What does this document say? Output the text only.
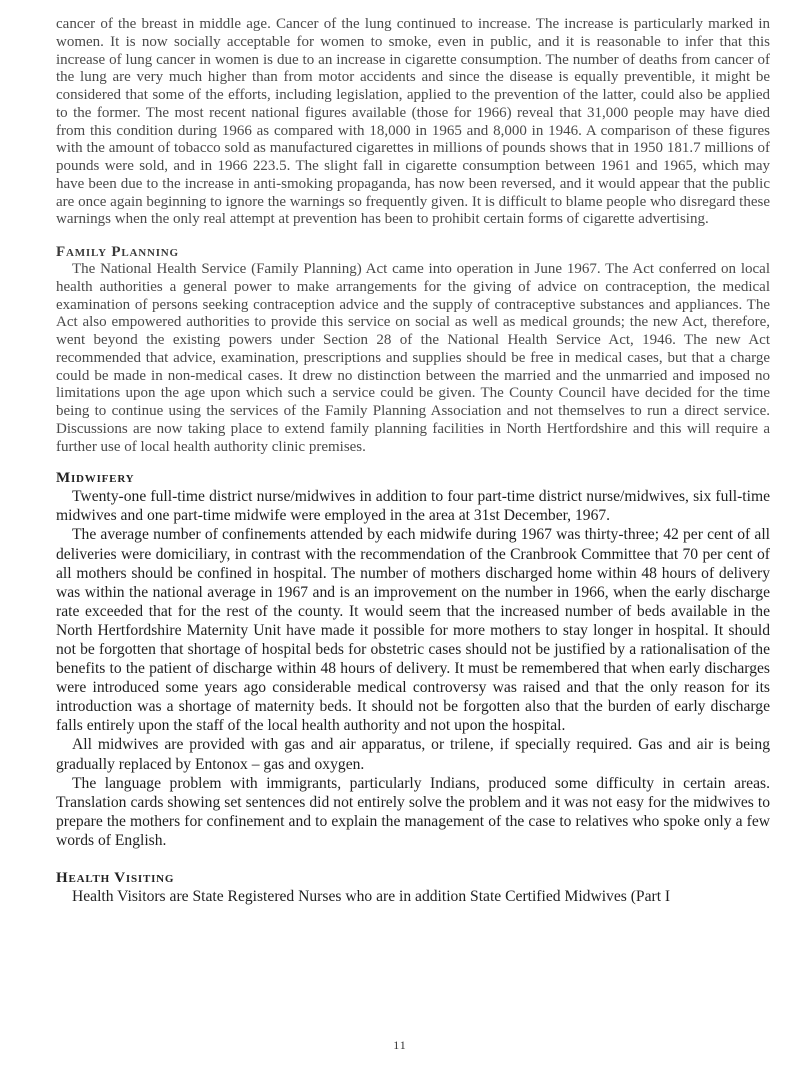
cancer of the breast in middle age. Cancer of the lung continued to increase. The increase is particularly marked in women. It is now socially acceptable for women to smoke, even in public, and it is reasonable to infer that this increase of lung cancer in women is due to an increase in cigarette consumption. The number of deaths from cancer of the lung are very much higher than from motor accidents and since the disease is equally preventible, it might be considered that some of the efforts, including legislation, applied to the prevention of the latter, could also be applied to the former. The most recent national figures available (those for 1966) reveal that 31,000 people may have died from this condition during 1966 as compared with 18,000 in 1965 and 8,000 in 1946. A comparison of these figures with the amount of tobacco sold as manufactured cigarettes in millions of pounds shows that in 1950 181.7 millions of pounds were sold, and in 1966 223.5. The slight fall in cigarette consumption between 1961 and 1965, which may have been due to the increase in anti-smoking propaganda, has now been reversed, and it would appear that the public are once again beginning to ignore the warnings so frequently given. It is difficult to blame people who disregard these warnings when the only real attempt at prevention has been to prohibit certain forms of cigarette advertising.

Family Planning

The National Health Service (Family Planning) Act came into operation in June 1967. The Act conferred on local health authorities a general power to make arrangements for the giving of advice on contraception, the medical examination of persons seeking contraception advice and the supply of contraceptive substances and appliances. The Act also empowered authorities to provide this service on social as well as medical grounds; the new Act, therefore, went beyond the existing powers under Section 28 of the National Health Service Act, 1946. The new Act recommended that advice, examination, prescriptions and supplies should be free in medical cases, but that a charge could be made in non-medical cases. It drew no distinction between the married and the unmarried and imposed no limitations upon the age upon which such a service could be given. The County Council have decided for the time being to continue using the services of the Family Planning Association and not themselves to run a direct service. Discussions are now taking place to extend family planning facilities in North Hertfordshire and this will require a further use of local health authority clinic premises.

Midwifery

Twenty-one full-time district nurse/midwives in addition to four part-time district nurse/midwives, six full-time midwives and one part-time midwife were employed in the area at 31st December, 1967.

The average number of confinements attended by each midwife during 1967 was thirty-three; 42 per cent of all deliveries were domiciliary, in contrast with the recommendation of the Cranbrook Committee that 70 per cent of all mothers should be confined in hospital. The number of mothers discharged home within 48 hours of delivery was within the national average in 1967 and is an improvement on the number in 1966, when the early discharge rate exceeded that for the rest of the county. It would seem that the increased number of beds available in the North Hertfordshire Maternity Unit have made it possible for more mothers to stay longer in hospital. It should not be forgotten that shortage of hospital beds for obstetric cases should not be justified by a rationalisation of the benefits to the patient of discharge within 48 hours of delivery. It must be remembered that when early discharges were introduced some years ago considerable medical controversy was raised and that the only reason for its introduction was a shortage of maternity beds. It should not be forgotten also that the burden of early discharge falls entirely upon the staff of the local health authority and not upon the hospital.

All midwives are provided with gas and air apparatus, or trilene, if specially required. Gas and air is being gradually replaced by Entonox – gas and oxygen.

The language problem with immigrants, particularly Indians, produced some difficulty in certain areas. Translation cards showing set sentences did not entirely solve the problem and it was not easy for the midwives to prepare the mothers for confinement and to explain the management of the case to relatives who spoke only a few words of English.

Health Visiting

Health Visitors are State Registered Nurses who are in addition State Certified Midwives (Part I

11
